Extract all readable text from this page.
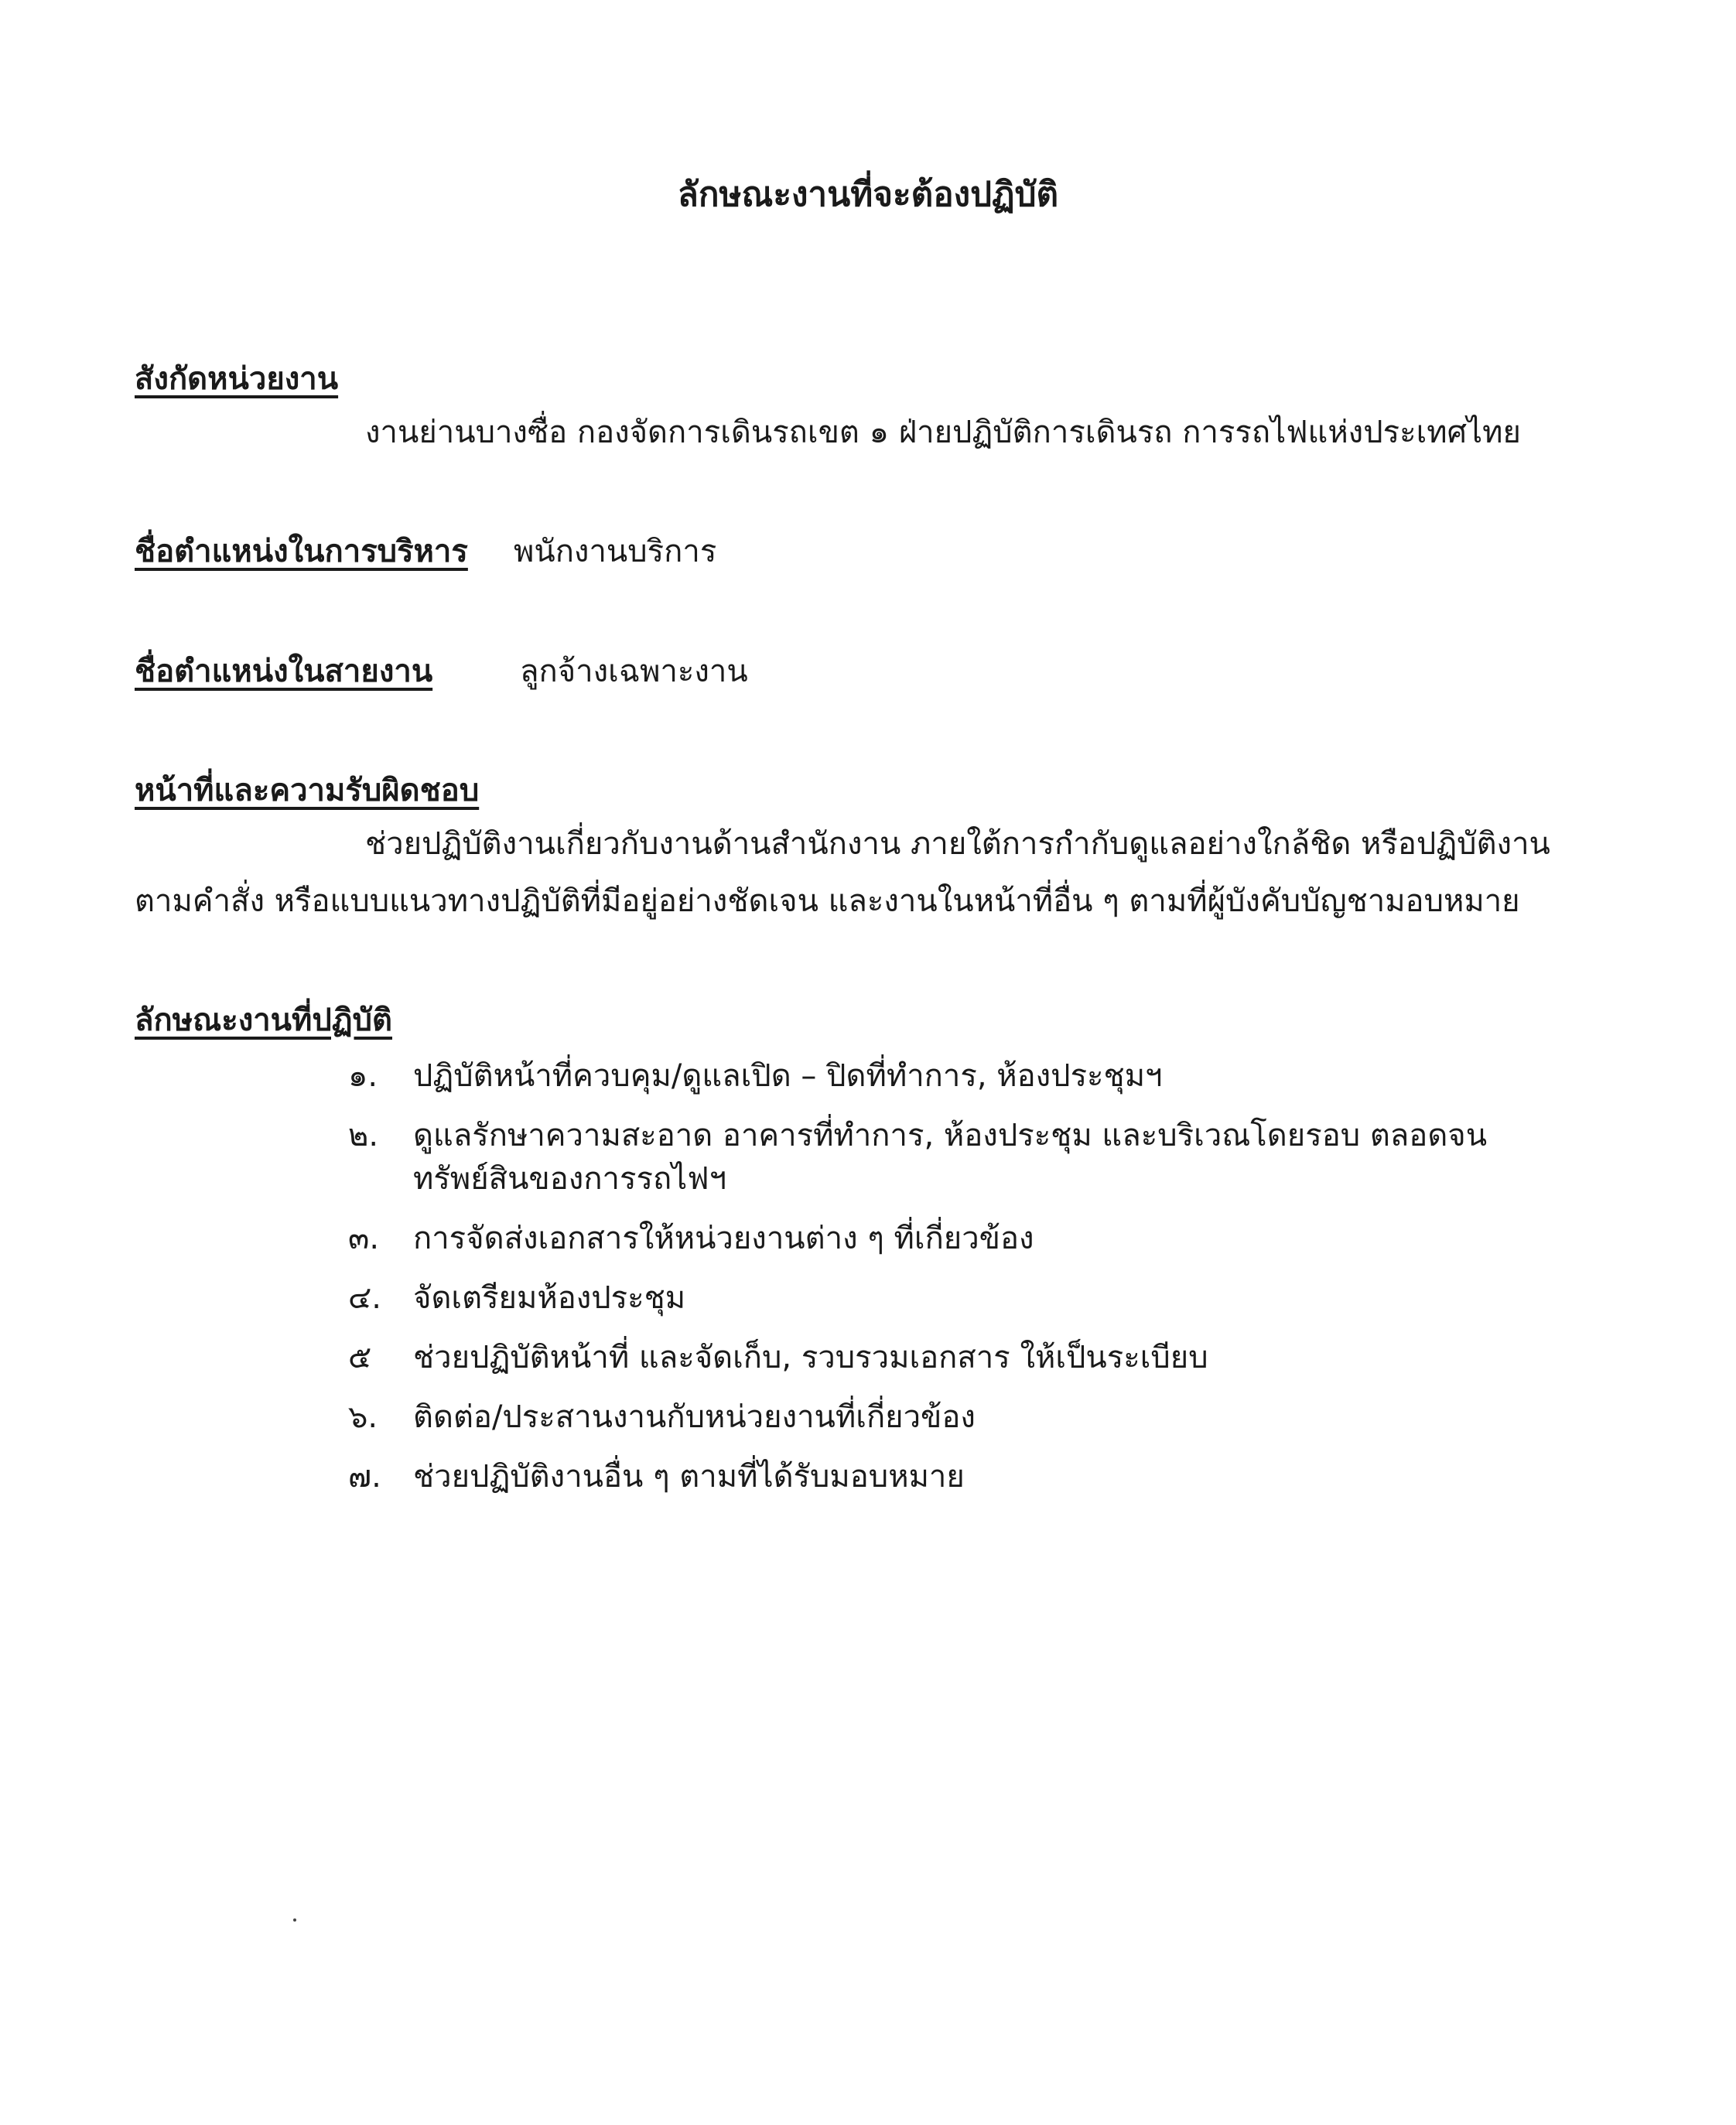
ลักษณะงานที่จะต้องปฏิบัติ
สังกัดหน่วยงาน

งานย่านบางซื่อ กองจัดการเดินรถเขต ๑ ฝ่ายปฏิบัติการเดินรถ การรถไฟแห่งประเทศไทย

ชื่อตำแหน่งในการบริหาร พนักงานบริการ
ชื่อตำแหน่งในสายงาน	ลูกจ้างเฉพาะงาน
หน้าที่และความรับผิดชอบ

ช่วยปฏิบัติงานเกี่ยวกับงานด้านสำนักงาน ภายใต้การกำกับดูแลอย่างใกล้ชิด หรือปฏิบัติงาน

ตามคำสั่ง หรือแบบแนวทางปฏิบัติที่มีอยู่อย่างชัดเจน และงานในหน้าที่อื่น ๆ ตามที่ผู้บังคับบัญชามอบหมาย

ลักษณะงานที่ปฏิบัติ
๑. ปฏิบัติหน้าที่ควบคุม/ดูแลเปิด – ปิดที่ทำการ, ห้องประชุมฯ
๒. ดูแลรักษาความสะอาด อาคารที่ทำการ, ห้องประชุม และบริเวณโดยรอบ ตลอดจน
ทรัพย์สินของการรถไฟฯ
๓. การจัดส่งเอกสารให้หน่วยงานต่าง ๆ ที่เกี่ยวข้อง
๔. จัดเตรียมห้องประชุม
๕ ช่วยปฏิบัติหน้าที่ และจัดเก็บ, รวบรวมเอกสาร ให้เป็นระเบียบ
๖. ติดต่อ/ประสานงานกับหน่วยงานที่เกี่ยวข้อง
๗. ช่วยปฏิบัติงานอื่น ๆ ตามที่ได้รับมอบหมาย
